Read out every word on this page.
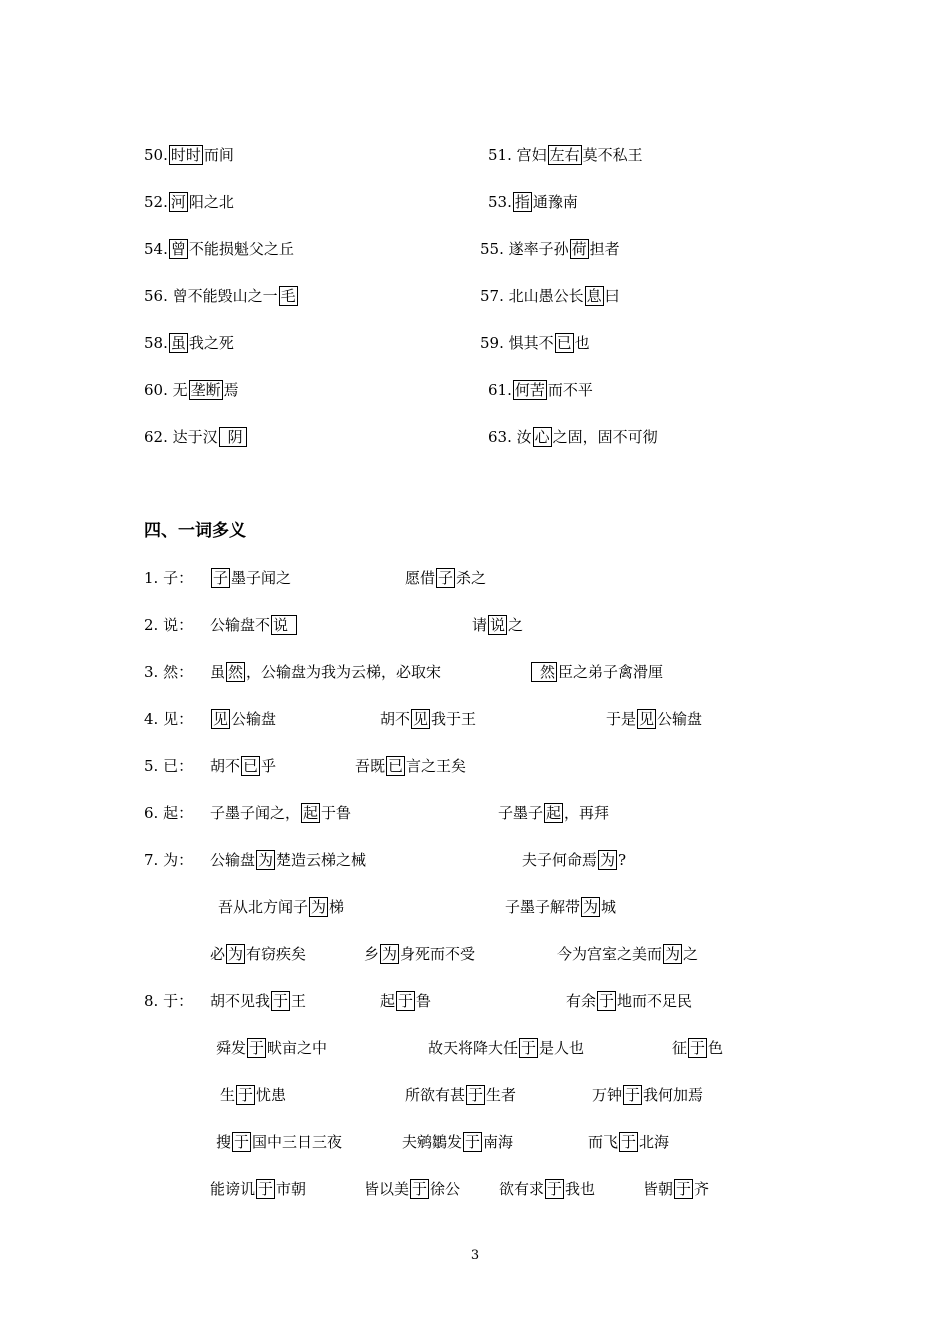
50. 时时 而间	51. 宫妇 左右 莫不私王
52. 河 阳之北	53. 指 通豫南
54. 曾 不能损魁父之丘	55. 遂率子孙 荷 担者
56. 曾不能毁山之一 毛	57. 北山愚公长 息 曰
58. 虽 我之死	59. 惧其不 已 也
60. 无 垄断 焉	61. 何苦 而不平
62. 达于汉 阴	63. 汝 心 之固，固不可彻
四、一词多义
1. 子： 子 墨子闻之	愿借 子 杀之
2. 说： 公输盘不 说	请 说 之
3. 然： 虽 然 ，公输盘为我为云梯，必取宋	然 臣之弟子禽滑厘
4. 见： 见 公输盘	胡不 见 我于王	于是 见 公输盘
5. 已： 胡不 已 乎	吾既 已 言之王矣
6. 起： 子墨子闻之， 起 于鲁	子墨子 起 ，再拜
7. 为： 公输盘 为 楚造云梯之械	夫子何命焉 为 ?
吾从北方闻子 为 梯	子墨子解带 为 城
必 为 有窃疾矣	乡 为 身死而不受	今为宫室之美而 为 之
8. 于： 胡不见我 于 王	起 于 鲁	有余 于 地而不足民
舜发 于 畎亩之中	故天将降大任 于 是人也	征 于 色
生 于 忧患	所欲有甚 于 生者	万钟 于 我何加焉
搜 于 国中三日三夜	夫鹓鶵发 于 南海	而飞 于 北海
能谤讥 于 市朝	皆以美 于 徐公	欲有求 于 我也	皆朝 于 齐
3
